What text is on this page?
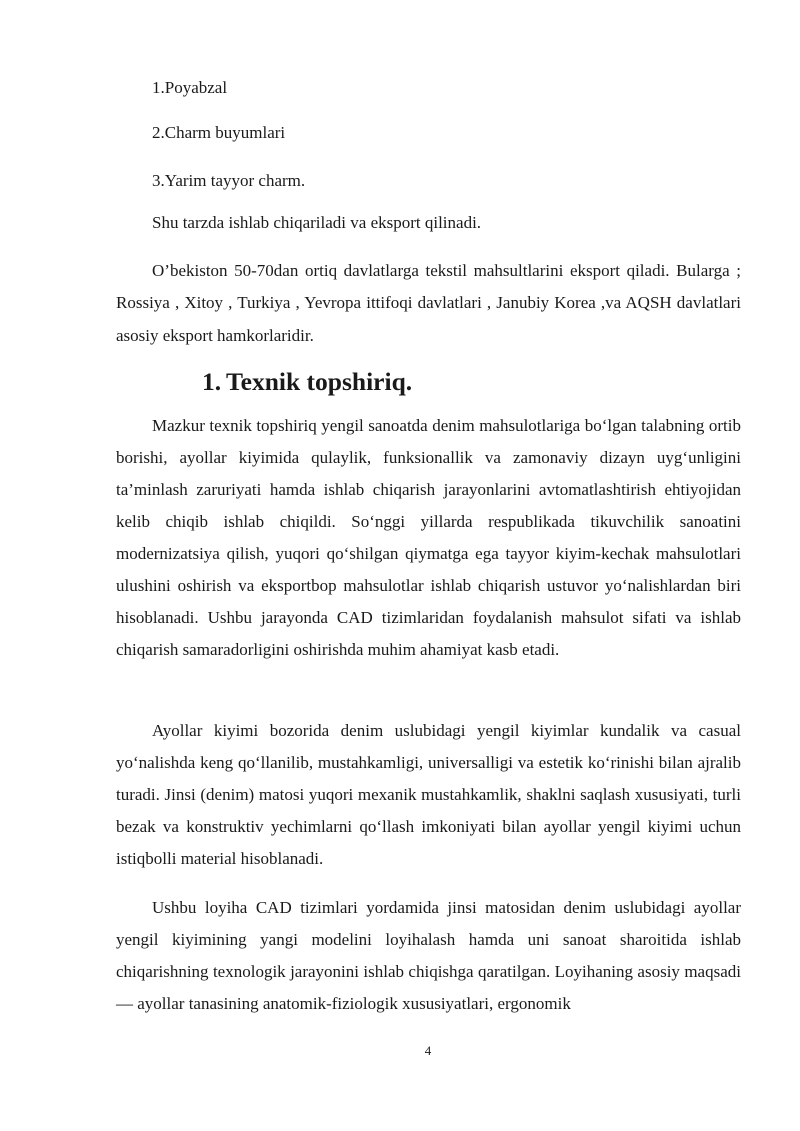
1.Poyabzal

2.Charm buyumlari

3.Yarim tayyor charm.

Shu tarzda ishlab chiqariladi va eksport qilinadi.

O’bekiston 50-70dan ortiq davlatlarga tekstil mahsultlarini eksport qiladi. Bularga ; Rossiya , Xitoy , Turkiya , Yevropa ittifoqi davlatlari , Janubiy Korea ,va AQSH davlatlari asosiy eksport hamkorlaridir.

1. Texnik topshiriq.

Mazkur texnik topshiriq yengil sanoatda denim mahsulotlariga bo‘lgan talabning ortib borishi, ayollar kiyimida qulaylik, funksionallik va zamonaviy dizayn uyg‘unligini ta’minlash zaruriyati hamda ishlab chiqarish jarayonlarini avtomatlashtirish ehtiyojidan kelib chiqib ishlab chiqildi. So‘nggi yillarda respublikada tikuvchilik sanoatini modernizatsiya qilish, yuqori qo‘shilgan qiymatga ega tayyor kiyim-kechak mahsulotlari ulushini oshirish va eksportbop mahsulotlar ishlab chiqarish ustuvor yo‘nalishlardan biri hisoblanadi. Ushbu jarayonda CAD tizimlaridan foydalanish mahsulot sifati va ishlab chiqarish samaradorligini oshirishda muhim ahamiyat kasb etadi.

Ayollar kiyimi bozorida denim uslubidagi yengil kiyimlar kundalik va casual yo‘nalishda keng qo‘llanilib, mustahkamligi, universalligi va estetik ko‘rinishi bilan ajralib turadi. Jinsi (denim) matosi yuqori mexanik mustahkamlik, shaklni saqlash xususiyati, turli bezak va konstruktiv yechimlarni qo‘llash imkoniyati bilan ayollar yengil kiyimi uchun istiqbolli material hisoblanadi.

Ushbu loyiha CAD tizimlari yordamida jinsi matosidan denim uslubidagi ayollar yengil kiyimining yangi modelini loyihalash hamda uni sanoat sharoitida ishlab chiqarishning texnologik jarayonini ishlab chiqishga qaratilgan. Loyihaning asosiy maqsadi — ayollar tanasining anatomik-fiziologik xususiyatlari, ergonomik

4
